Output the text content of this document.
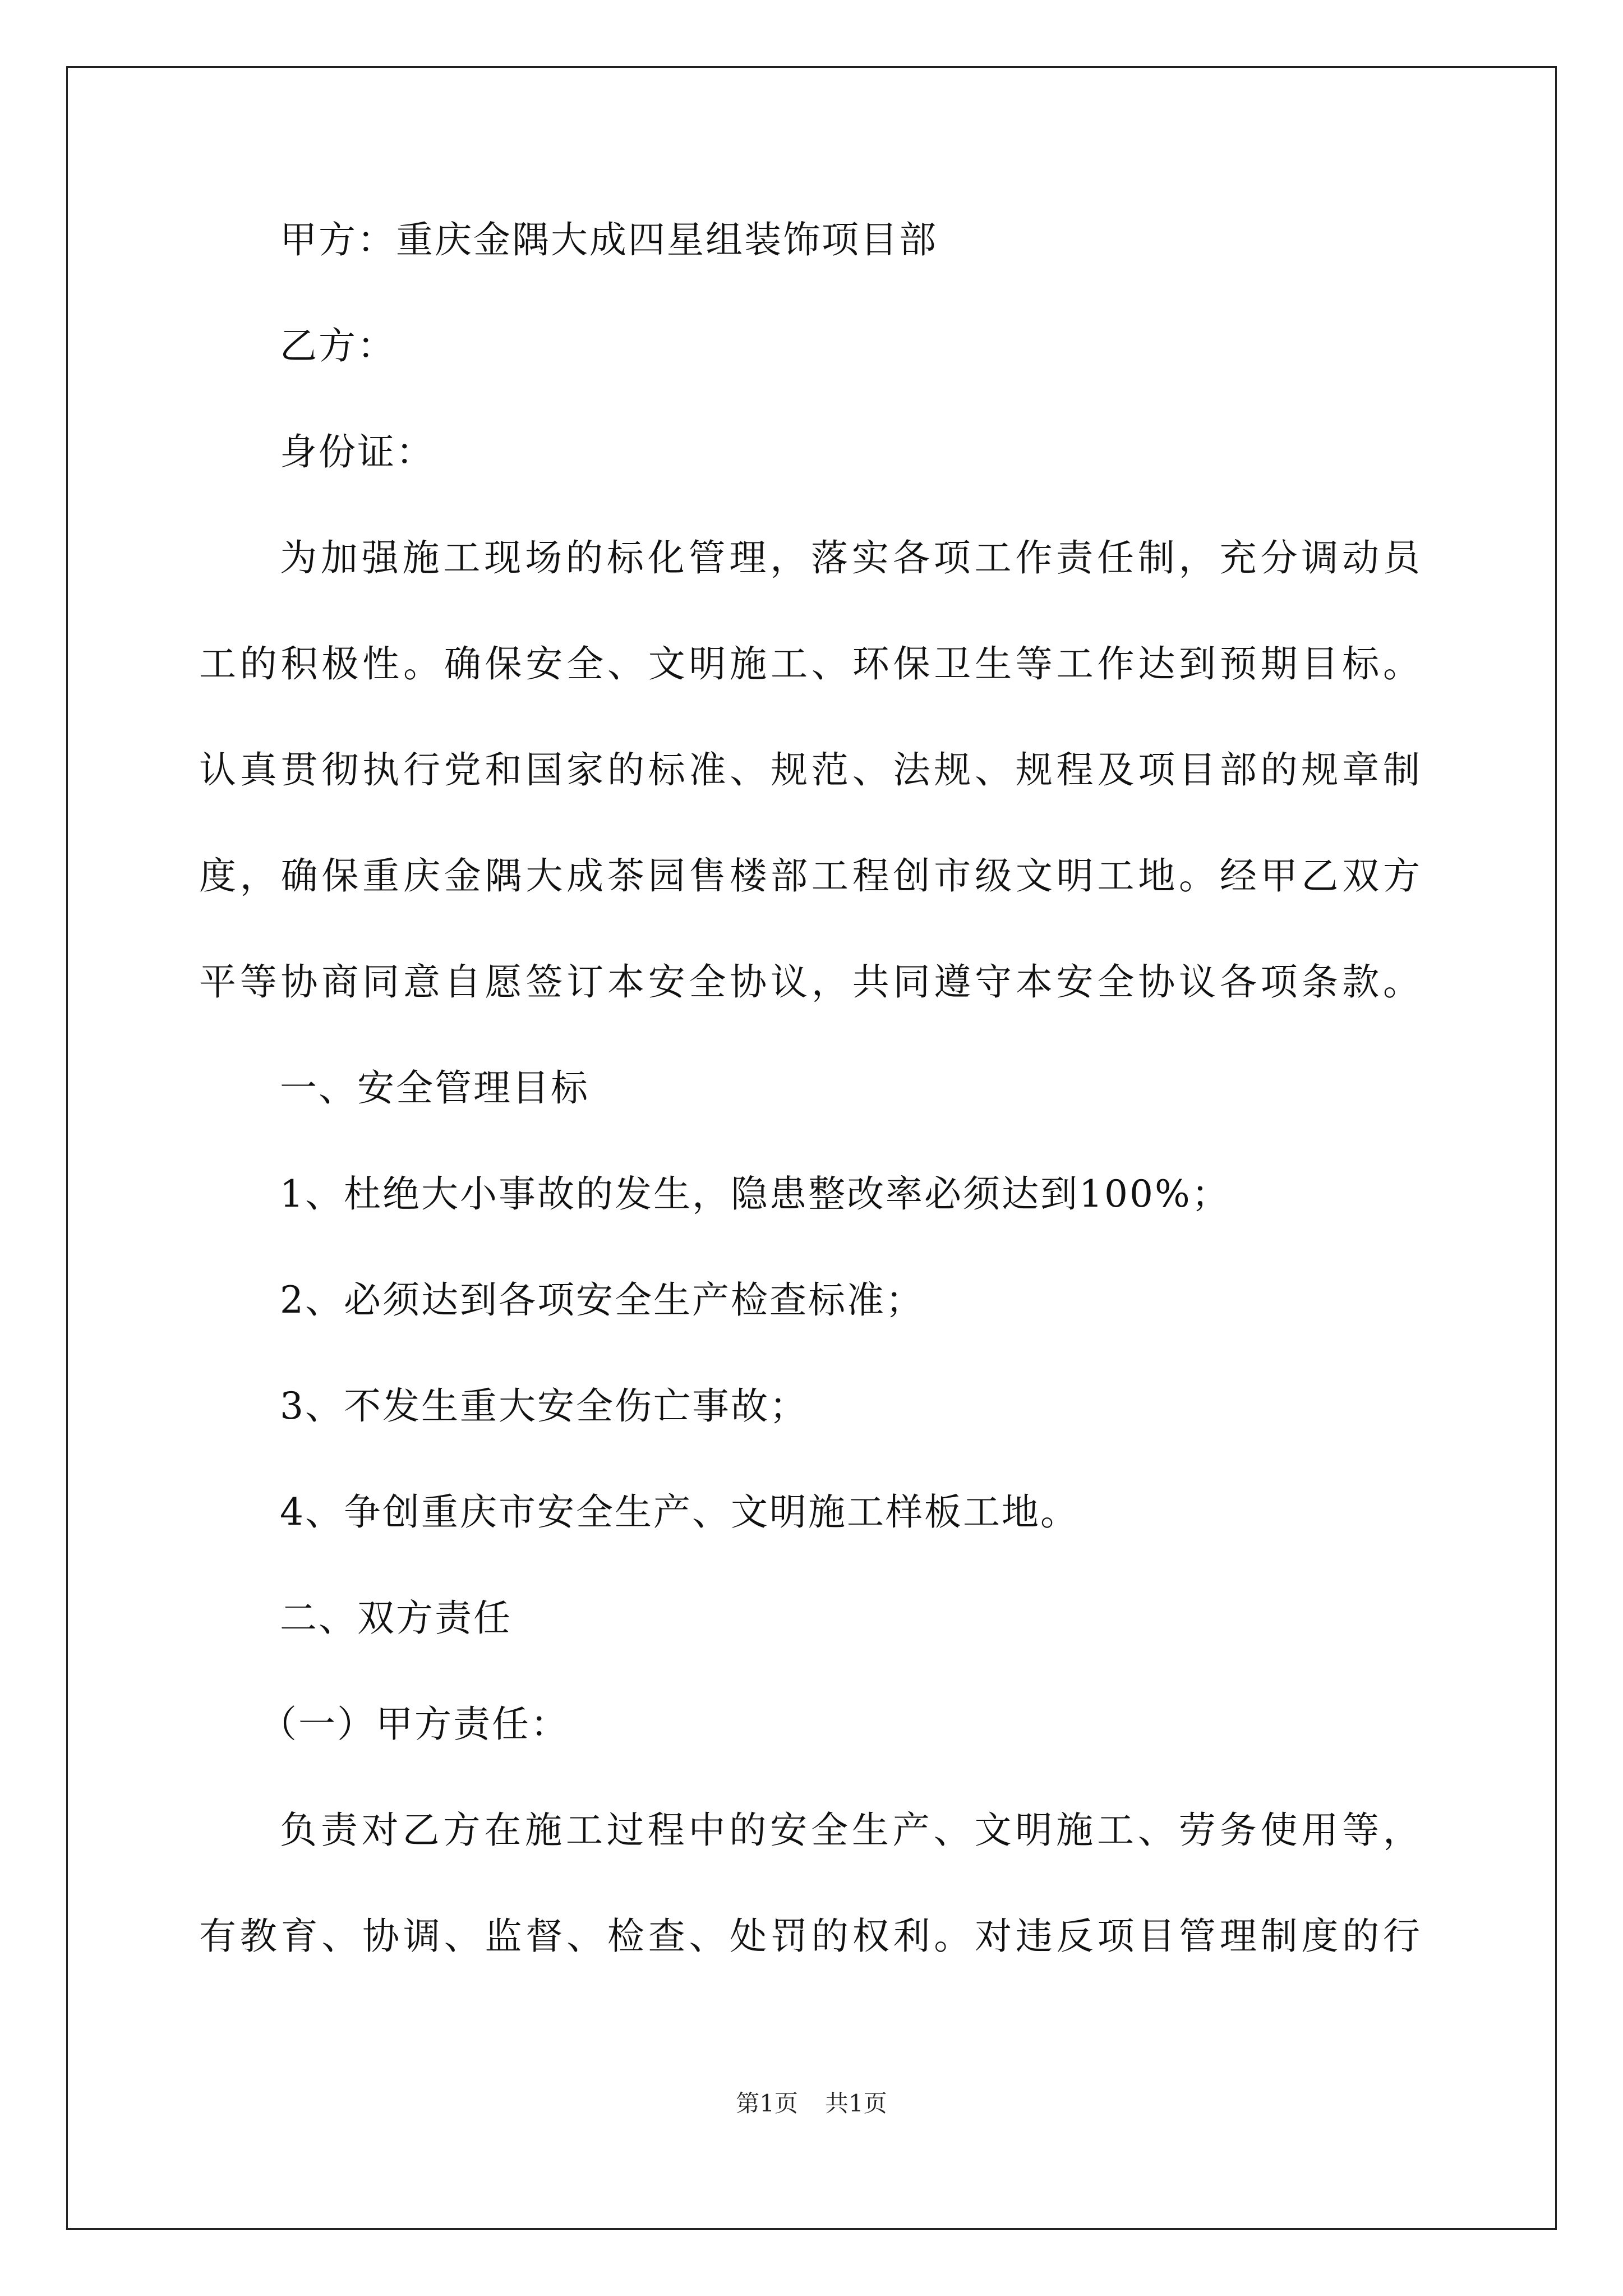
甲方：重庆金隅大成四星组装饰项目部
乙方：
身份证：
为加强施工现场的标化管理，落实各项工作责任制，充分调动员
工的积极性。确保安全、文明施工、环保卫生等工作达到预期目标。
认真贯彻执行党和国家的标准、规范、法规、规程及项目部的规章制
度，确保重庆金隅大成茶园售楼部工程创市级文明工地。经甲乙双方
平等协商同意自愿签订本安全协议，共同遵守本安全协议各项条款。
一、安全管理目标
1、杜绝大小事故的发生，隐患整改率必须达到100%；
2、必须达到各项安全生产检查标准；
3、不发生重大安全伤亡事故；
4、争创重庆市安全生产、文明施工样板工地。
二、双方责任
（一）甲方责任：
负责对乙方在施工过程中的安全生产、文明施工、劳务使用等，
有教育、协调、监督、检查、处罚的权利。对违反项目管理制度的行
第1页 共1页
